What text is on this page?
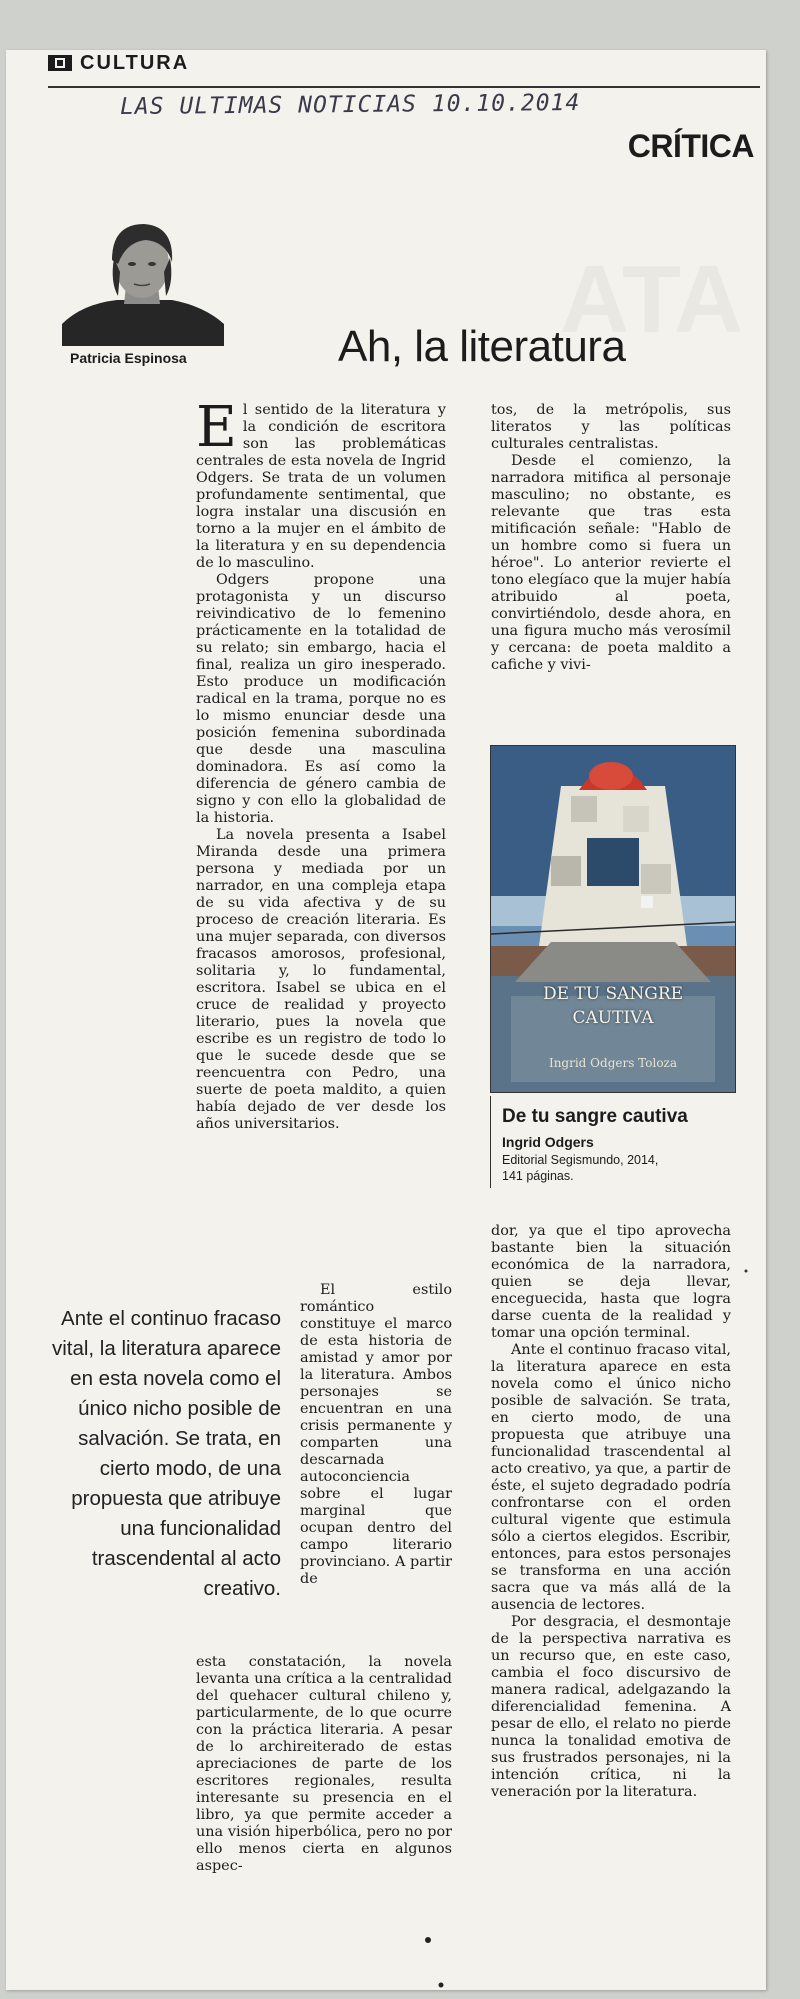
CULTURA
LAS ULTIMAS NOTICIAS 10.10.2014
CRÍTICA
ATA
Patricia Espinosa	Ah, la literatura

El sentido de la literatura y la condición de escritora son las problemáticas centrales de esta novela de Ingrid Odgers. Se trata de un volumen profundamente sentimental, que logra instalar una discusión en torno a la mujer en el ámbito de la literatura y en su dependencia de lo masculino.

Odgers propone una protagonista y un discurso reivindicativo de lo femenino prácticamente en la totalidad de su relato; sin embargo, hacia el final, realiza un giro inesperado. Esto produce un modificación radical en la trama, porque no es lo mismo enunciar desde una posición femenina subordinada que desde una masculina dominadora. Es así como la diferencia de género cambia de signo y con ello la globalidad de la historia.

La novela presenta a Isabel Miranda desde una primera persona y mediada por un narrador, en una compleja etapa de su vida afectiva y de su proceso de creación literaria. Es una mujer separada, con diversos fracasos amorosos, profesional, solitaria y, lo fundamental, escritora. Isabel se ubica en el cruce de realidad y proyecto literario, pues la novela que escribe es un registro de todo lo que le sucede desde que se reencuentra con Pedro, una suerte de poeta maldito, a quien había dejado de ver desde los años universitarios.

tos, de la metrópolis, sus literatos y las políticas culturales centralistas.

Desde el comienzo, la narradora mitifica al personaje masculino; no obstante, es relevante que tras esta mitificación señale: "Hablo de un hombre como si fuera un héroe". Lo anterior revierte el tono elegíaco que la mujer había atribuido al poeta, convirtiéndolo, desde ahora, en una figura mucho más verosímil y cercana: de poeta maldito a cafiche y vivi-

DE TU SANGRE
CAUTIVA
Ingrid Odgers Toloza
De tu sangre cautiva
Ingrid Odgers
Editorial Segismundo, 2014,
141 páginas.
Ante el continuo fracaso vital, la literatura aparece en esta novela como el único nicho posible de salvación. Se trata, en cierto modo, de una propuesta que atribuye una funcionalidad trascendental al acto creativo.

El estilo romántico constituye el marco de esta historia de amistad y amor por la literatura. Ambos personajes se encuentran en una crisis permanente y comparten una descarnada autoconciencia sobre el lugar marginal que ocupan dentro del campo literario provinciano. A partir de

esta constatación, la novela levanta una crítica a la centralidad del quehacer cultural chileno y, particularmente, de lo que ocurre con la práctica literaria. A pesar de lo archireiterado de estas apreciaciones de parte de los escritores regionales, resulta interesante su presencia en el libro, ya que permite acceder a una visión hiperbólica, pero no por ello menos cierta en algunos aspec-

dor, ya que el tipo aprovecha bastante bien la situación económica de la narradora, quien se deja llevar, enceguecida, hasta que logra darse cuenta de la realidad y tomar una opción terminal.

Ante el continuo fracaso vital, la literatura aparece en esta novela como el único nicho posible de salvación. Se trata, en cierto modo, de una propuesta que atribuye una funcionalidad trascendental al acto creativo, ya que, a partir de éste, el sujeto degradado podría confrontarse con el orden cultural vigente que estimula sólo a ciertos elegidos. Escribir, entonces, para estos personajes se transforma en una acción sacra que va más allá de la ausencia de lectores.

Por desgracia, el desmontaje de la perspectiva narrativa es un recurso que, en este caso, cambia el foco discursivo de manera radical, adelgazando la diferencialidad femenina. A pesar de ello, el relato no pierde nunca la tonalidad emotiva de sus frustrados personajes, ni la intención crítica, ni la veneración por la literatura.
